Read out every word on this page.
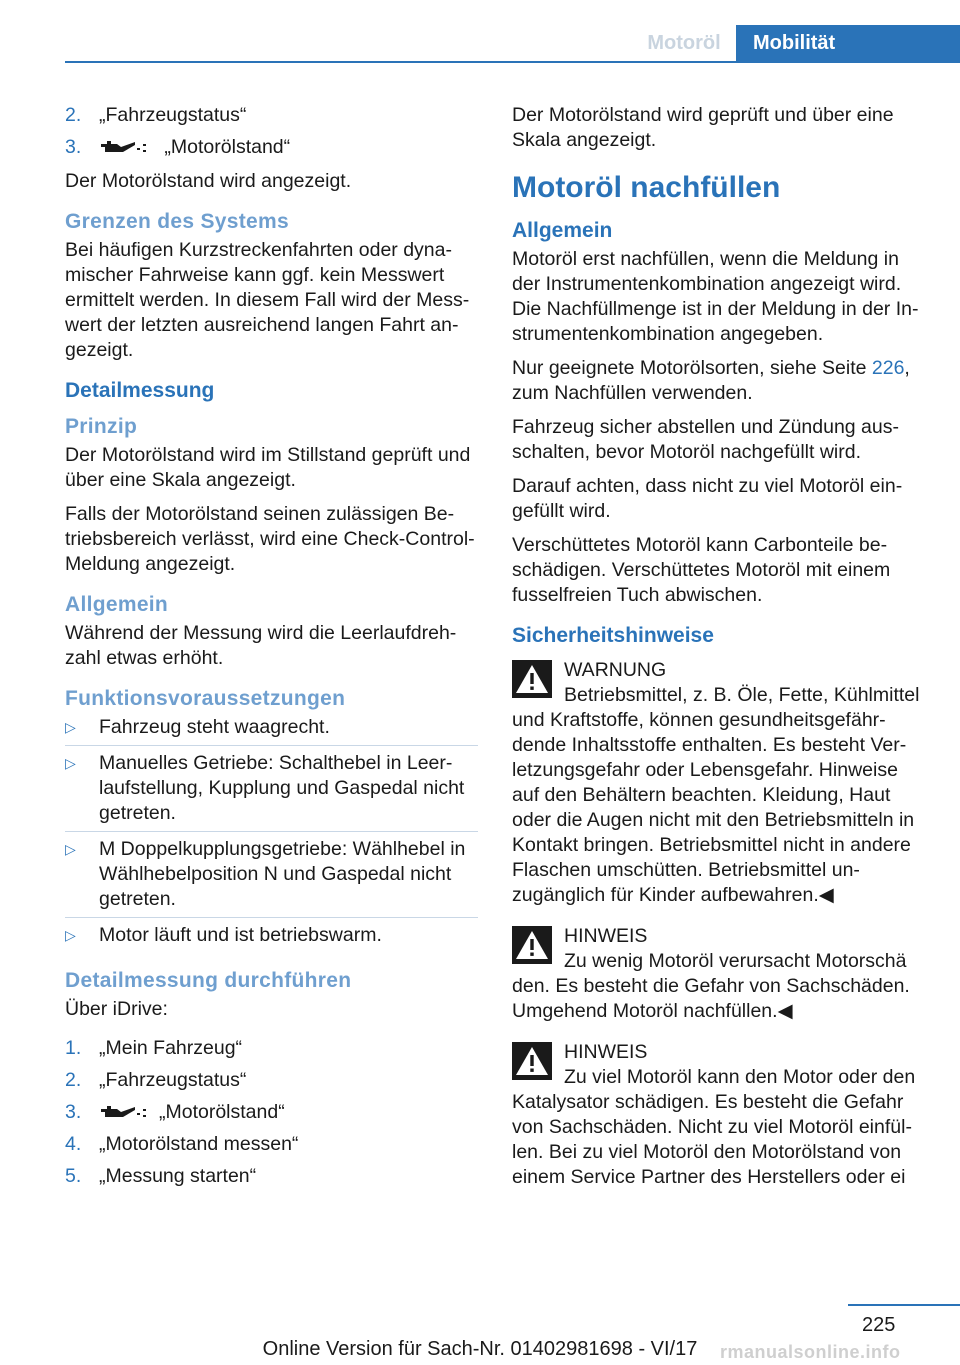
Motoröl	Mobilität
2. „Fahrzeugstatus“
3.	„Motorölstand“

Der Motorölstand wird angezeigt.

Grenzen des Systems

Bei häufigen Kurzstreckenfahrten oder dynamischer Fahrweise kann ggf. kein Messwert ermittelt werden. In diesem Fall wird der Messwert der letzten ausreichend langen Fahrt angezeigt.

Detailmessung
Prinzip

Der Motorölstand wird im Stillstand geprüft und über eine Skala angezeigt.

Falls der Motorölstand seinen zulässigen Betriebsbereich verlässt, wird eine Check-Control-Meldung angezeigt.

Allgemein

Während der Messung wird die Leerlaufdrehzahl etwas erhöht.

Funktionsvoraussetzungen
▷ Fahrzeug steht waagrecht.
▷ Manuelles Getriebe: Schalthebel in Leerlaufstellung, Kupplung und Gaspedal nicht getreten.
▷ M Doppelkupplungsgetriebe: Wählhebel in Wählhebelposition N und Gaspedal nicht getreten.
▷ Motor läuft und ist betriebswarm.
Detailmessung durchführen

Über iDrive:

1. „Mein Fahrzeug“
2. „Fahrzeugstatus“
3.	„Motorölstand“
4. „Motorölstand messen“
5. „Messung starten“

Der Motorölstand wird geprüft und über eine Skala angezeigt.

Motoröl nachfüllen
Allgemein

Motoröl erst nachfüllen, wenn die Meldung in der Instrumentenkombination angezeigt wird. Die Nachfüllmenge ist in der Meldung in der Instrumentenkombination angegeben.

Nur geeignete Motorölsorten, siehe Seite 226, zum Nachfüllen verwenden.

Fahrzeug sicher abstellen und Zündung ausschalten, bevor Motoröl nachgefüllt wird.

Darauf achten, dass nicht zu viel Motoröl eingefüllt wird.

Verschüttetes Motoröl kann Carbonteile beschädigen. Verschüttetes Motoröl mit einem fusselfreien Tuch abwischen.

Sicherheitshinweise
WARNUNG
Betriebsmittel, z. B. Öle, Fette, Kühlmittel
und Kraftstoffe, können gesundheitsgefährdende Inhaltsstoffe enthalten. Es besteht Verletzungsgefahr oder Lebensgefahr. Hinweise auf den Behältern beachten. Kleidung, Haut oder die Augen nicht mit den Betriebsmitteln in Kontakt bringen. Betriebsmittel nicht in andere Flaschen umschütten. Betriebsmittel unzugänglich für Kinder aufbewahren.◀
HINWEIS
Zu wenig Motoröl verursacht Motorschä
den. Es besteht die Gefahr von Sachschäden. Umgehend Motoröl nachfüllen.◀
HINWEIS
Zu viel Motoröl kann den Motor oder den
Katalysator schädigen. Es besteht die Gefahr von Sachschäden. Nicht zu viel Motoröl einfüllen. Bei zu viel Motoröl den Motorölstand von einem Service Partner des Herstellers oder ei
225
Online Version für Sach-Nr. 01402981698 - VI/17	rmanualsonline.info
